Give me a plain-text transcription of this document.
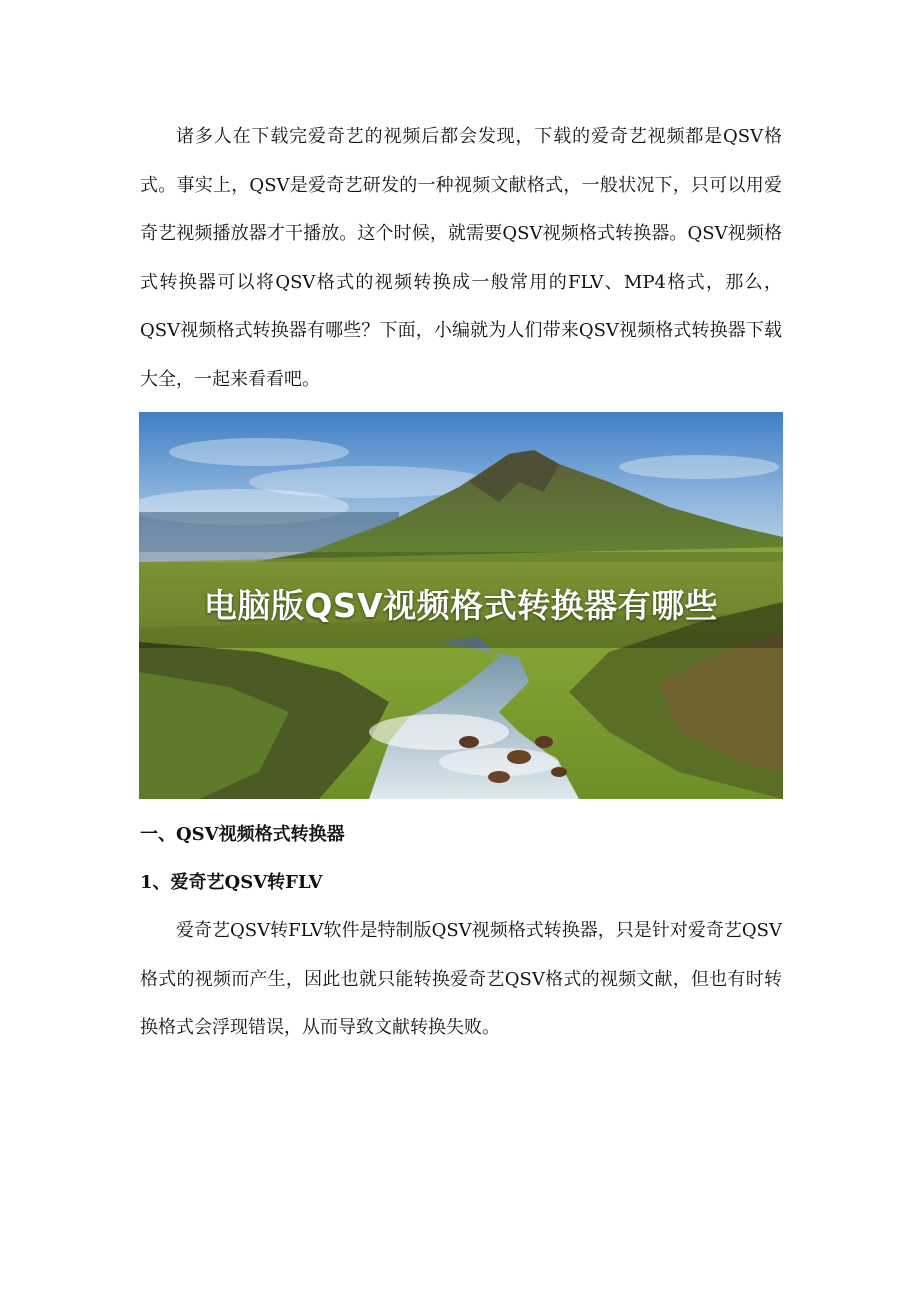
诸多人在下载完爱奇艺的视频后都会发现，下载的爱奇艺视频都是QSV格式。事实上，QSV是爱奇艺研发的一种视频文献格式，一般状况下，只可以用爱奇艺视频播放器才干播放。这个时候，就需要QSV视频格式转换器。QSV视频格式转换器可以将QSV格式的视频转换成一般常用的FLV、MP4格式，那么，QSV视频格式转换器有哪些？下面，小编就为人们带来QSV视频格式转换器下载大全，一起来看看吧。

电脑版QSV视频格式转换器有哪些

一、QSV视频格式转换器

1、爱奇艺QSV转FLV

爱奇艺QSV转FLV软件是特制版QSV视频格式转换器，只是针对爱奇艺QSV格式的视频而产生，因此也就只能转换爱奇艺QSV格式的视频文献，但也有时转换格式会浮现错误，从而导致文献转换失败。
